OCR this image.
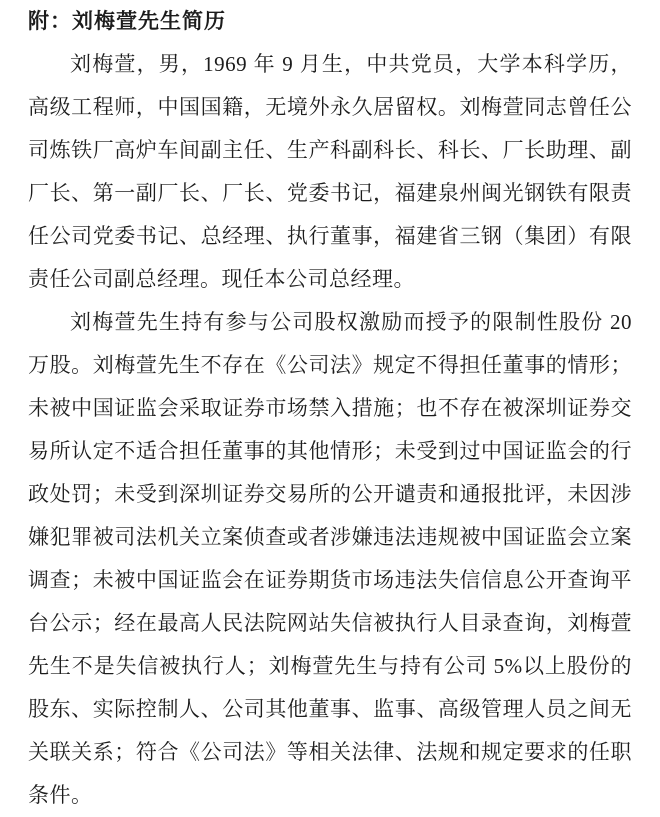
附：刘梅萱先生简历

刘梅萱，男，1969 年 9 月生，中共党员，大学本科学历，高级工程师，中国国籍，无境外永久居留权。刘梅萱同志曾任公司炼铁厂高炉车间副主任、生产科副科长、科长、厂长助理、副厂长、第一副厂长、厂长、党委书记，福建泉州闽光钢铁有限责任公司党委书记、总经理、执行董事，福建省三钢（集团）有限责任公司副总经理。现任本公司总经理。

刘梅萱先生持有参与公司股权激励而授予的限制性股份 20 万股。刘梅萱先生不存在《公司法》规定不得担任董事的情形；未被中国证监会采取证券市场禁入措施；也不存在被深圳证券交易所认定不适合担任董事的其他情形；未受到过中国证监会的行政处罚；未受到深圳证券交易所的公开谴责和通报批评，未因涉嫌犯罪被司法机关立案侦查或者涉嫌违法违规被中国证监会立案调查；未被中国证监会在证券期货市场违法失信信息公开查询平台公示；经在最高人民法院网站失信被执行人目录查询，刘梅萱先生不是失信被执行人；刘梅萱先生与持有公司 5%以上股份的股东、实际控制人、公司其他董事、监事、高级管理人员之间无关联关系；符合《公司法》等相关法律、法规和规定要求的任职条件。
